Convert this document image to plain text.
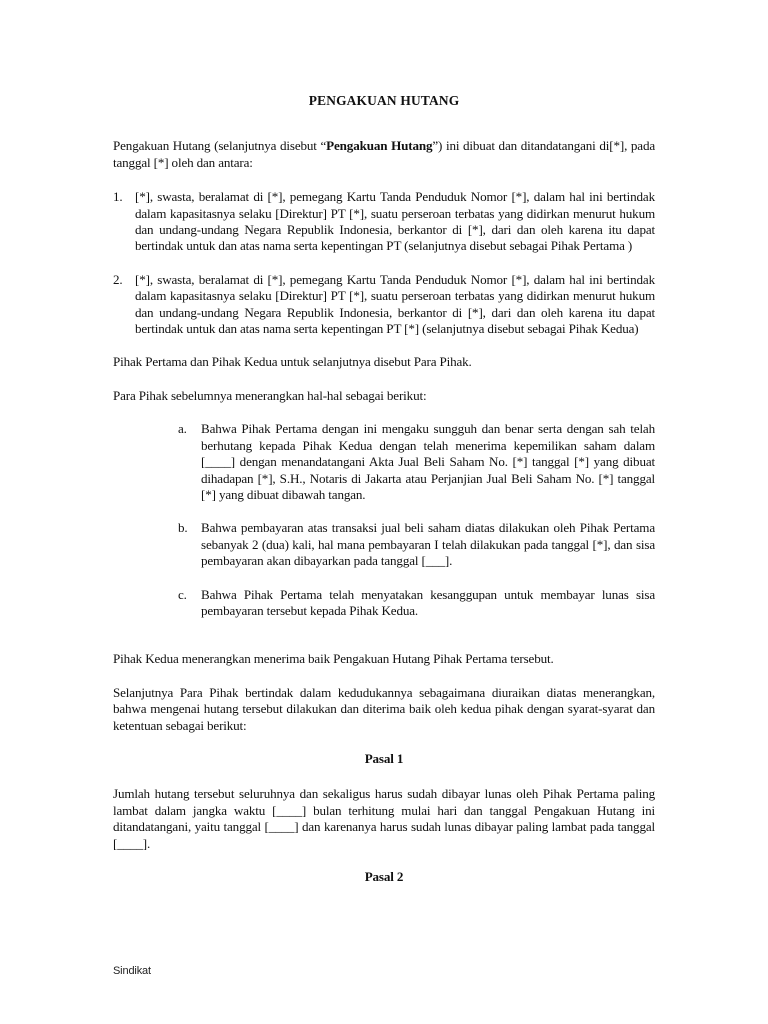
PENGAKUAN HUTANG

Pengakuan Hutang (selanjutnya disebut “Pengakuan Hutang”) ini dibuat dan ditandatangani di[*], pada tanggal [*] oleh dan antara:

1. [*], swasta, beralamat di [*], pemegang Kartu Tanda Penduduk Nomor [*], dalam hal ini bertindak dalam kapasitasnya selaku [Direktur] PT [*], suatu perseroan terbatas yang didirkan menurut hukum dan undang-undang Negara Republik Indonesia, berkantor di [*], dari dan oleh karena itu dapat bertindak untuk dan atas nama serta kepentingan PT (selanjutnya disebut sebagai Pihak Pertama )
2. [*], swasta, beralamat di [*], pemegang Kartu Tanda Penduduk Nomor [*], dalam hal ini bertindak dalam kapasitasnya selaku [Direktur] PT [*], suatu perseroan terbatas yang didirkan menurut hukum dan undang-undang Negara Republik Indonesia, berkantor di [*], dari dan oleh karena itu dapat bertindak untuk dan atas nama serta kepentingan PT [*] (selanjutnya disebut sebagai Pihak Kedua)

Pihak Pertama dan Pihak Kedua untuk selanjutnya disebut Para Pihak.

Para Pihak sebelumnya menerangkan hal-hal sebagai berikut:

a.	Bahwa Pihak Pertama dengan ini mengaku sungguh dan benar serta dengan sah telah berhutang kepada Pihak Kedua dengan telah menerima kepemilikan saham dalam [____] dengan menandatangani Akta Jual Beli Saham No. [*] tanggal [*] yang dibuat dihadapan [*], S.H., Notaris di Jakarta atau Perjanjian Jual Beli Saham No. [*] tanggal [*] yang dibuat dibawah tangan.
b.	Bahwa pembayaran atas transaksi jual beli saham diatas dilakukan oleh Pihak Pertama sebanyak 2 (dua) kali, hal mana pembayaran I telah dilakukan pada tanggal [*], dan sisa pembayaran akan dibayarkan pada tanggal [___].
c.	Bahwa Pihak Pertama telah menyatakan kesanggupan untuk membayar lunas sisa pembayaran tersebut kepada Pihak Kedua.

Pihak Kedua menerangkan menerima baik Pengakuan Hutang Pihak Pertama tersebut.

Selanjutnya Para Pihak bertindak dalam kedudukannya sebagaimana diuraikan diatas menerangkan, bahwa mengenai hutang tersebut dilakukan dan diterima baik oleh kedua pihak dengan syarat-syarat dan ketentuan sebagai berikut:

Pasal 1

Jumlah hutang tersebut seluruhnya dan sekaligus harus sudah dibayar lunas oleh Pihak Pertama paling lambat dalam jangka waktu [____] bulan terhitung mulai hari dan tanggal Pengakuan Hutang ini ditandatangani, yaitu tanggal [____] dan karenanya harus sudah lunas dibayar paling lambat pada tanggal [____].

Pasal 2
Sindikat
